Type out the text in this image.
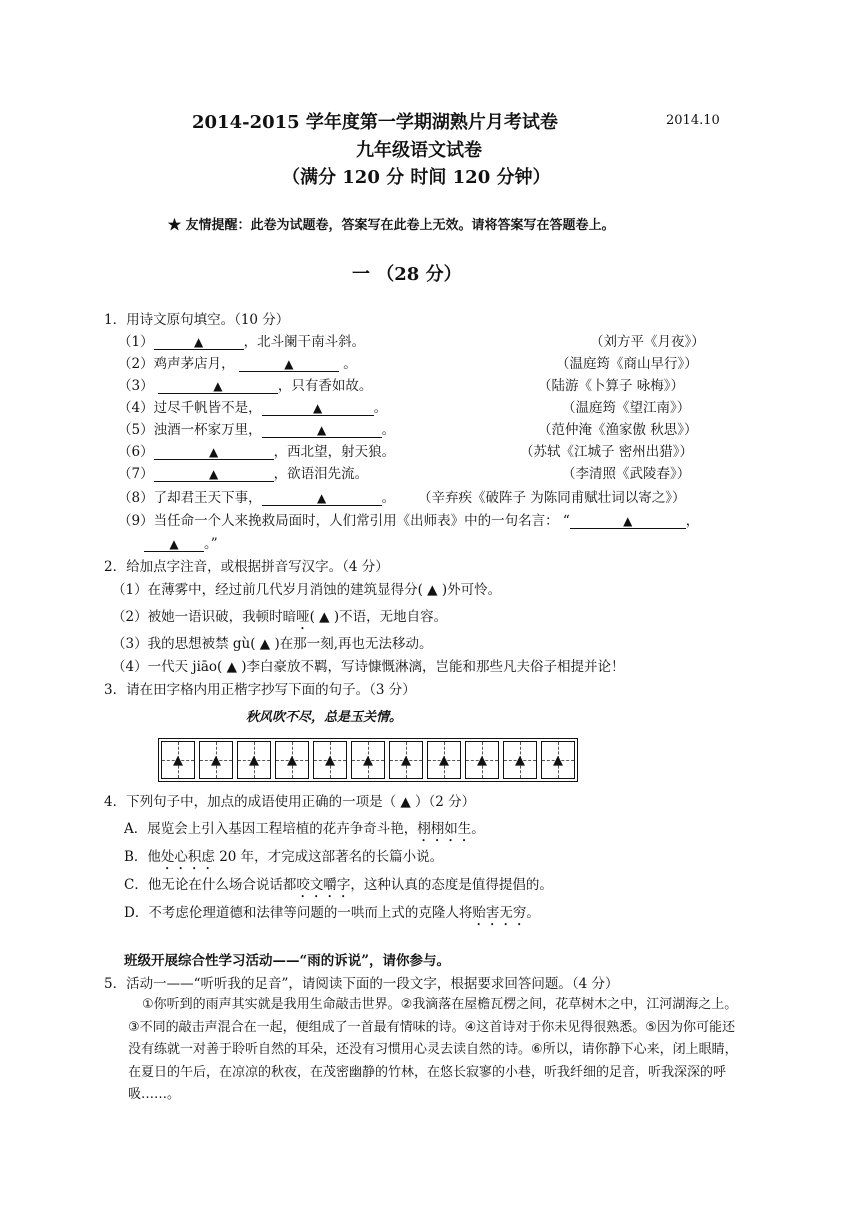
2014-2015 学年度第一学期湖熟片月考试卷	2014.10
九年级语文试卷
（满分 120 分 时间 120 分钟）
★ 友情提醒：此卷为试题卷，答案写在此卷上无效。请将答案写在答题卷上。
一 （28 分）
1．用诗文原句填空。（10 分）
（1）	▲	，北斗阑干南斗斜。	（刘方平《月夜》）
（2）鸡声茅店月，	▲	。	（温庭筠《商山早行》）
（3）	▲	，只有香如故。	（陆游《卜算子 咏梅》）
（4）过尽千帆皆不是，	▲	。	（温庭筠《望江南》）
（5）浊酒一杯家万里，	▲	。	（范仲淹《渔家傲 秋思》）
（6）	▲	，西北望，射天狼。	（苏轼《江城子 密州出猎》）
（7）	▲	，欲语泪先流。	（李清照《武陵春》）
（8）了却君王天下事，	▲	。 （辛弃疾《破阵子 为陈同甫赋壮词以寄之》）
（9）当任命一个人来挽救局面时，人们常引用《出师表》中的一句名言： “	▲	，
▲ 。”
2．给加点字注音，或根据拼音写汉字。（4 分）
（1）在薄雾中，经过前几代岁月消蚀的建筑显得分( ▲ )外可怜。
（2）被她一语识破，我顿时暗哑( ▲ )不语，无地自容。
（3）我的思想被禁 gù( ▲ )在那一刻,再也无法移动。
（4）一代天 jiāo( ▲ )李白豪放不羁，写诗慷慨淋漓，岂能和那些凡夫俗子相提并论！
3．请在田字格内用正楷字抄写下面的句子。（3 分）
秋风吹不尽，总是玉关情。
▲ ▲ ▲ ▲ ▲ ▲ ▲ ▲ ▲ ▲ ▲
4．下列句子中，加点的成语使用正确的一项是（ ▲ ）（2 分）
A．展览会上引入基因工程培植的花卉争奇斗艳，栩栩如生。
B．他处心积虑 20 年，才完成这部著名的长篇小说。
C．他无论在什么场合说话都咬文嚼字，这种认真的态度是值得提倡的。
D．不考虑伦理道德和法律等问题的一哄而上式的克隆人将贻害无穷。
班级开展综合性学习活动——“雨的诉说”，请你参与。
5．活动一——“听听我的足音”，请阅读下面的一段文字，根据要求回答问题。（4 分）
①你听到的雨声其实就是我用生命敲击世界。②我滴落在屋檐瓦楞之间，花草树木之中，江河湖海之上。③不同的敲击声混合在一起，便组成了一首最有情味的诗。④这首诗对于你未见得很熟悉。⑤因为你可能还没有练就一对善于聆听自然的耳朵，还没有习惯用心灵去读自然的诗。⑥所以，请你静下心来，闭上眼睛，在夏日的午后，在凉凉的秋夜，在茂密幽静的竹林，在悠长寂寥的小巷，听我纤细的足音，听我深深的呼吸……。
